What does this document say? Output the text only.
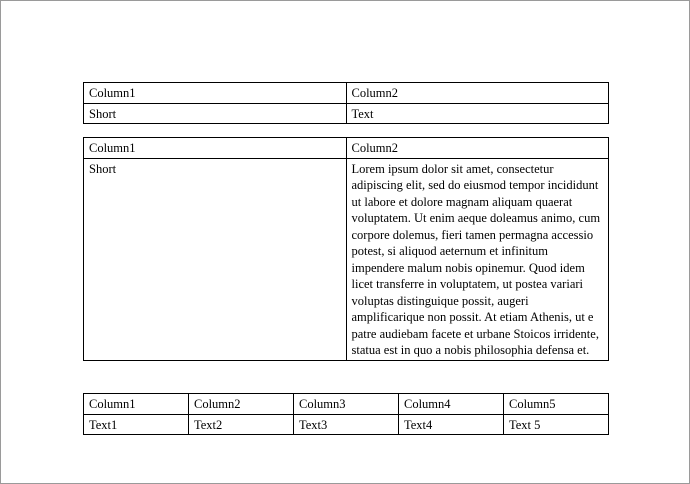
Column1	Column2
Short	Text
Column1	Column2
Short	Lorem ipsum dolor sit amet, consectetur adipiscing elit, sed do eiusmod tempor incididunt ut labore et dolore magnam aliquam quaerat voluptatem. Ut enim aeque doleamus animo, cum corpore dolemus, fieri tamen permagna accessio potest, si aliquod aeternum et infinitum impendere malum nobis opinemur. Quod idem licet transferre in voluptatem, ut postea variari voluptas distinguique possit, augeri amplificarique non possit. At etiam Athenis, ut e patre audiebam facete et urbane Stoicos irridente, statua est in quo a nobis philosophia defensa et.
Column1	Column2	Column3	Column4	Column5
Text1	Text2	Text3	Text4	Text 5
